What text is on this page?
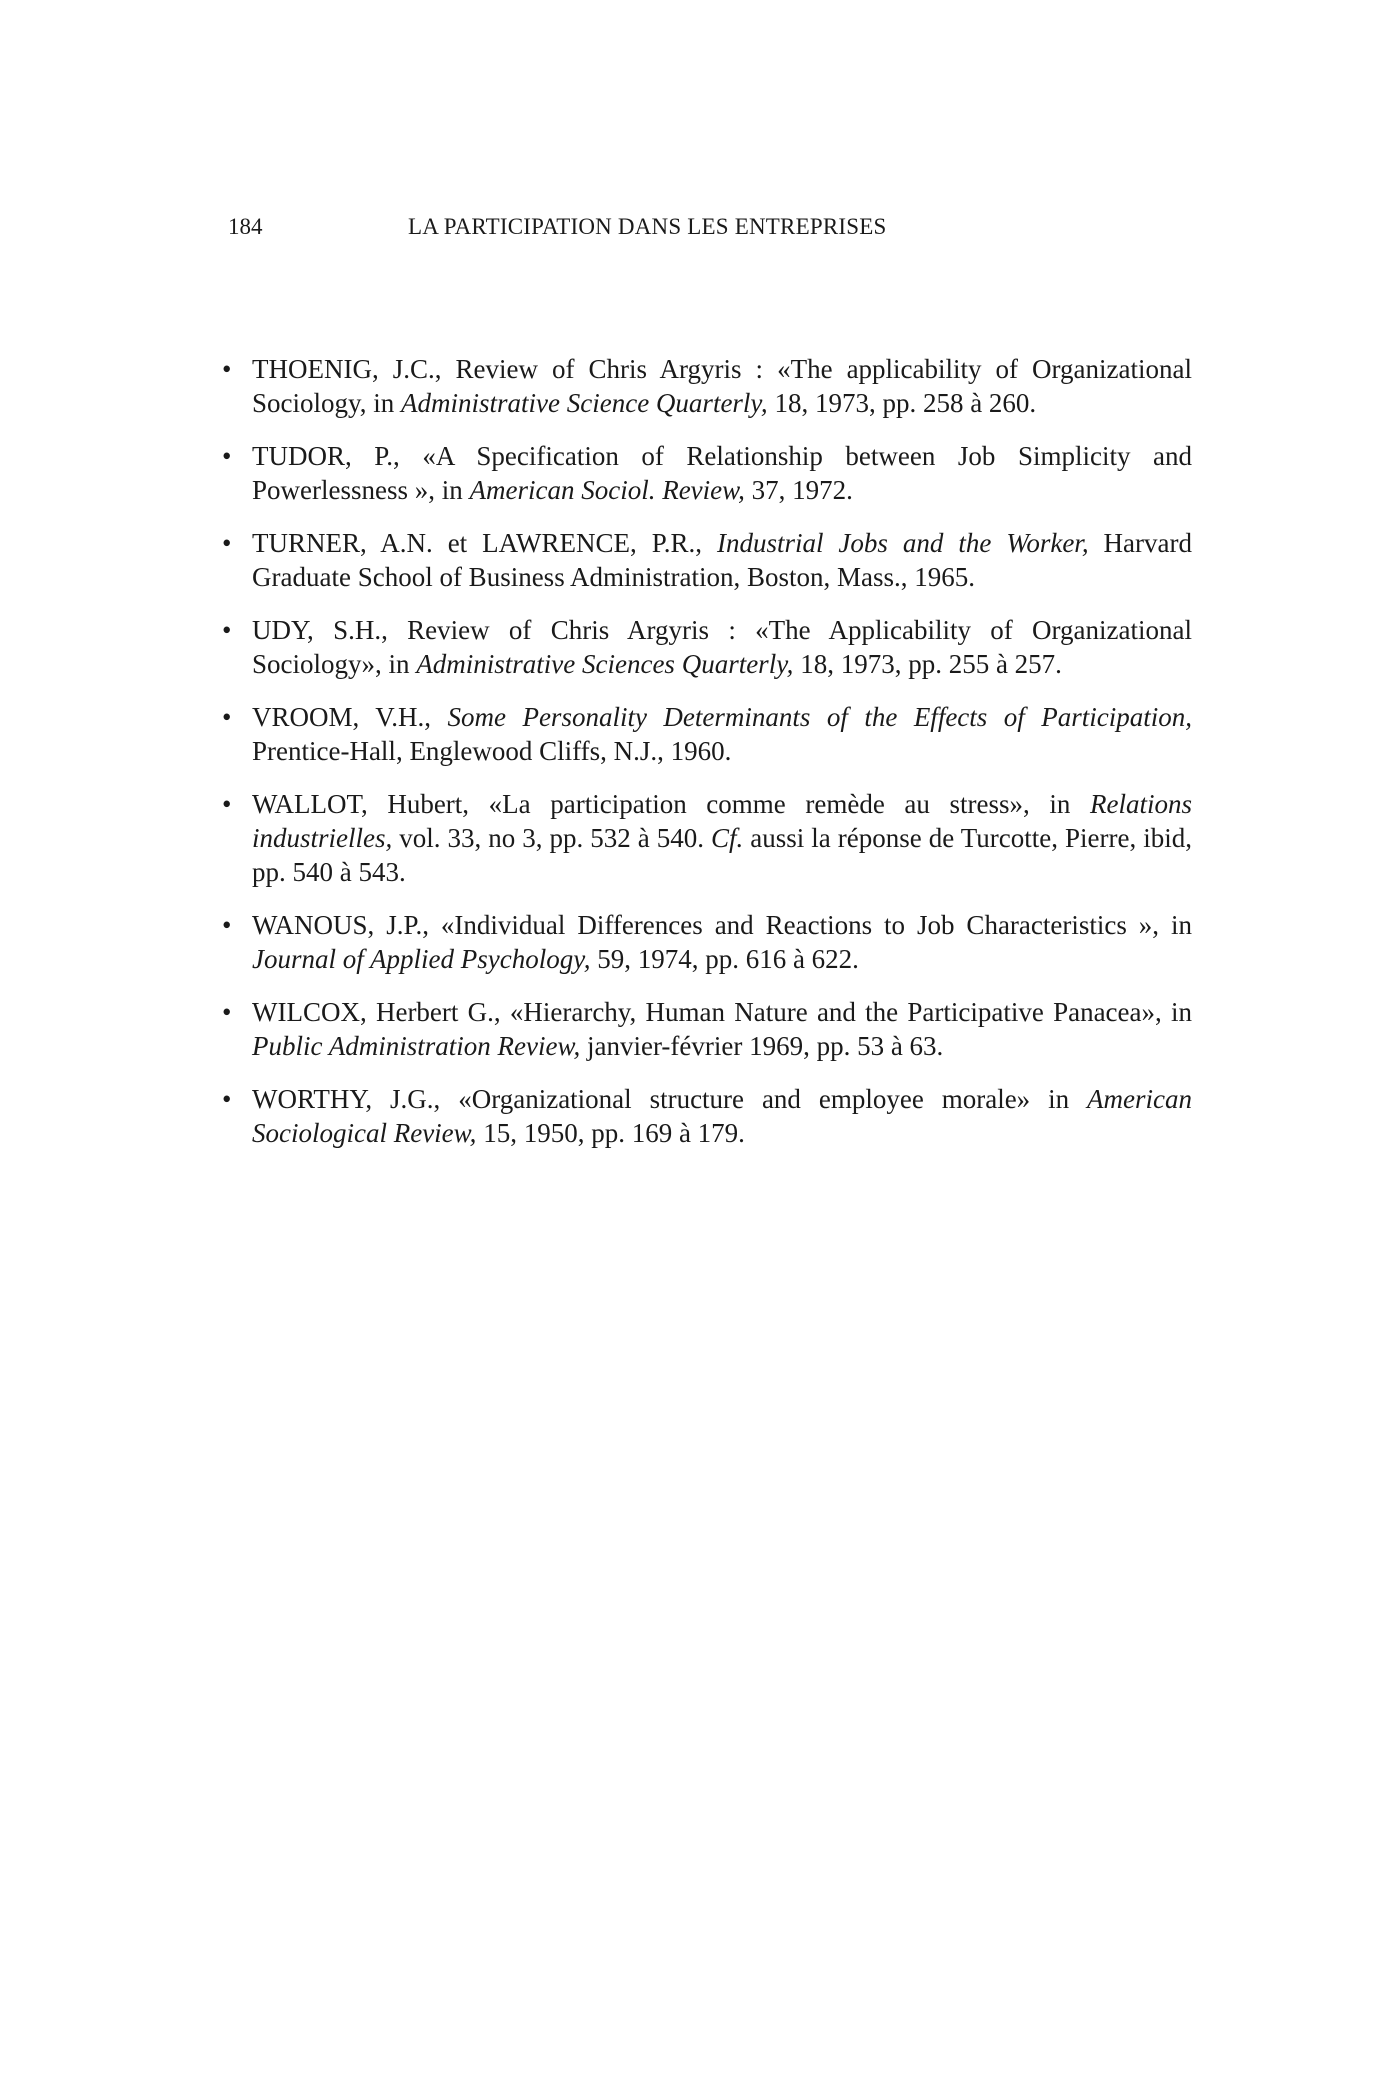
184	LA PARTICIPATION DANS LES ENTREPRISES
• THOENIG, J.C., Review of Chris Argyris : «The applicability of Organizational Sociology, in Administrative Science Quarterly, 18, 1973, pp. 258 à 260.
• TUDOR, P., «A Specification of Relationship between Job Simplicity and Powerlessness », in American Sociol. Review, 37, 1972.
• TURNER, A.N. et LAWRENCE, P.R., Industrial Jobs and the Worker, Harvard Graduate School of Business Administration, Boston, Mass., 1965.
• UDY, S.H., Review of Chris Argyris : «The Applicability of Organizational Sociology», in Administrative Sciences Quarterly, 18, 1973, pp. 255 à 257.
• VROOM, V.H., Some Personality Determinants of the Effects of Participation, Prentice-Hall, Englewood Cliffs, N.J., 1960.
• WALLOT, Hubert, «La participation comme remède au stress», in Relations industrielles, vol. 33, no 3, pp. 532 à 540. Cf. aussi la réponse de Turcotte, Pierre, ibid, pp. 540 à 543.
• WANOUS, J.P., «Individual Differences and Reactions to Job Characteristics », in Journal of Applied Psychology, 59, 1974, pp. 616 à 622.
• WILCOX, Herbert G., «Hierarchy, Human Nature and the Participative Panacea», in Public Administration Review, janvier-février 1969, pp. 53 à 63.
• WORTHY, J.G., «Organizational structure and employee morale» in American Sociological Review, 15, 1950, pp. 169 à 179.
